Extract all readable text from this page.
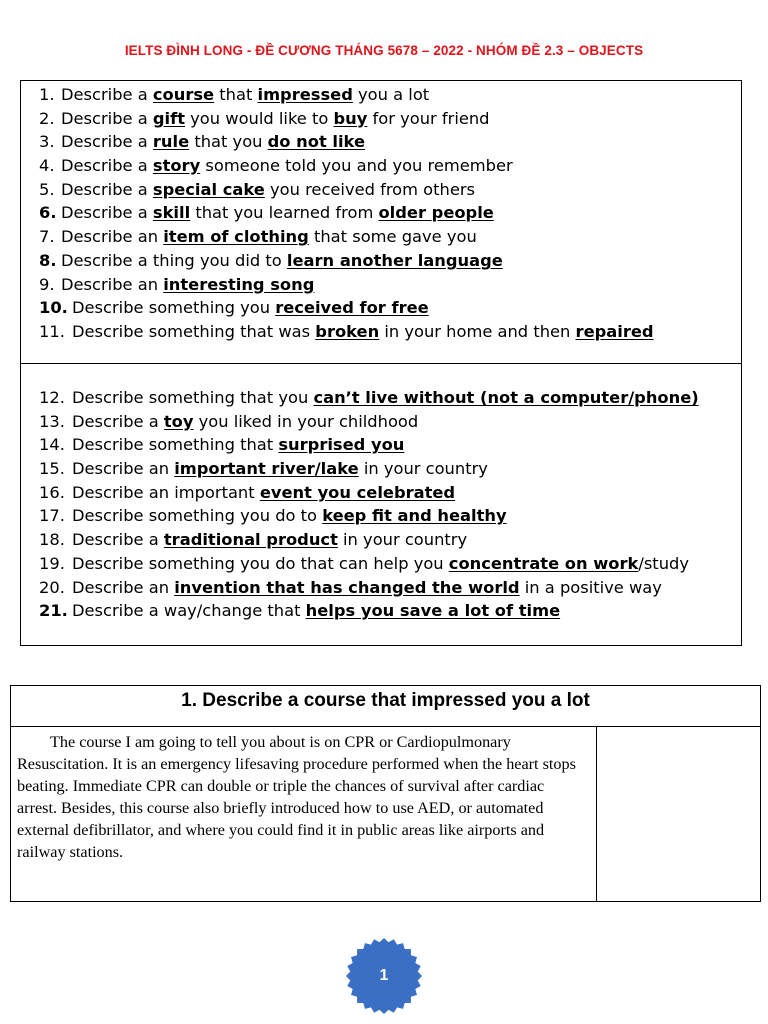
IELTS ĐÌNH LONG - ĐỀ CƯƠNG THÁNG 5678 – 2022 - NHÓM ĐỀ 2.3 – OBJECTS
1. Describe a course that impressed you a lot
2. Describe a gift you would like to buy for your friend
3. Describe a rule that you do not like
4. Describe a story someone told you and you remember
5. Describe a special cake you received from others
6. Describe a skill that you learned from older people
7. Describe an item of clothing that some gave you
8. Describe a thing you did to learn another language
9. Describe an interesting song
10. Describe something you received for free
11. Describe something that was broken in your home and then repaired
12. Describe something that you can’t live without (not a computer/phone)
13. Describe a toy you liked in your childhood
14. Describe something that surprised you
15. Describe an important river/lake in your country
16. Describe an important event you celebrated
17. Describe something you do to keep fit and healthy
18. Describe a traditional product in your country
19. Describe something you do that can help you concentrate on work/study
20. Describe an invention that has changed the world in a positive way
21. Describe a way/change that helps you save a lot of time
1. Describe a course that impressed you a lot

The course I am going to tell you about is on CPR or Cardiopulmonary Resuscitation. It is an emergency lifesaving procedure performed when the heart stops beating. Immediate CPR can double or triple the chances of survival after cardiac arrest. Besides, this course also briefly introduced how to use AED, or automated external defibrillator, and where you could find it in public areas like airports and railway stations.

1
